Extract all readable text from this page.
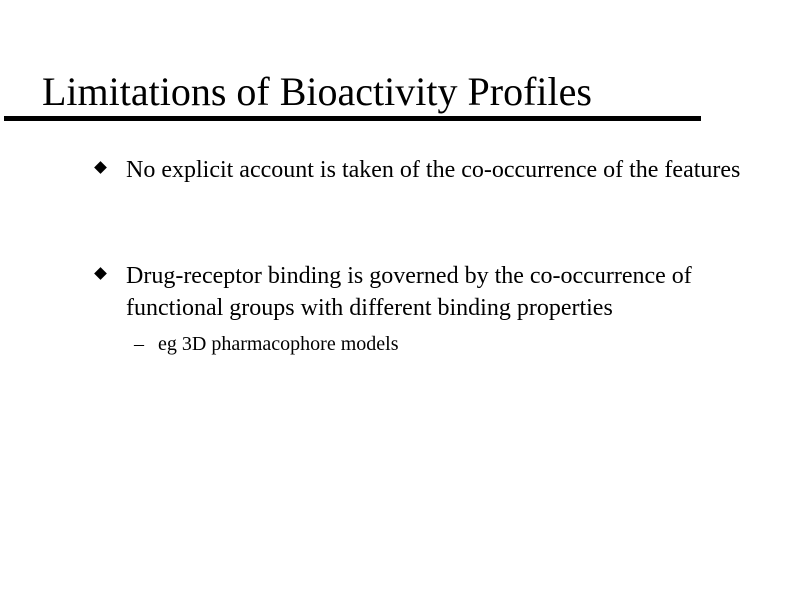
Limitations of Bioactivity Profiles
No explicit account is taken of the co-occurrence of the features
Drug-receptor binding is governed by the co-occurrence of functional groups with different binding properties
– eg 3D pharmacophore models
